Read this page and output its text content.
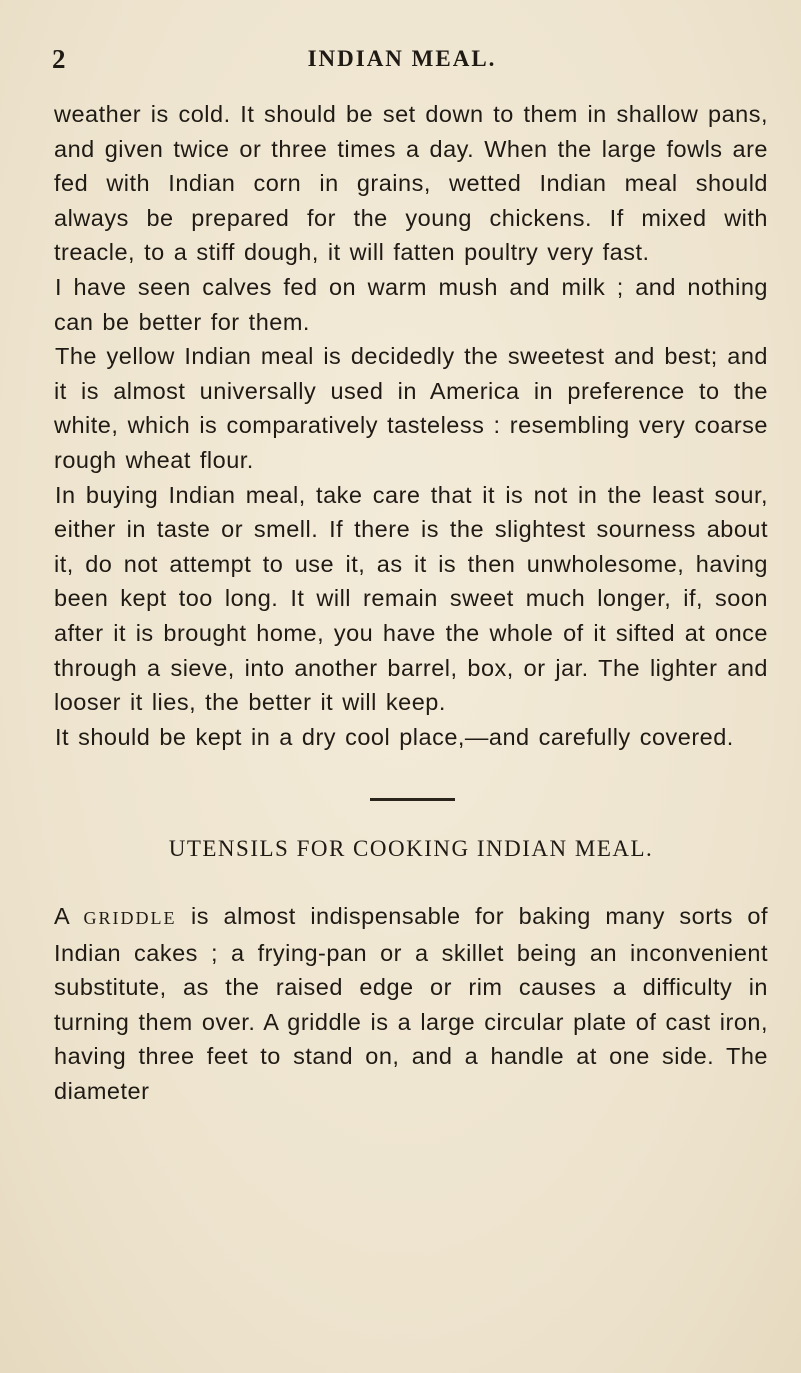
2	INDIAN MEAL.

weather is cold. It should be set down to them in shallow pans, and given twice or three times a day. When the large fowls are fed with Indian corn in grains, wetted Indian meal should always be prepared for the young chickens. If mixed with treacle, to a stiff dough, it will fatten poultry very fast.

I have seen calves fed on warm mush and milk ; and nothing can be better for them.

The yellow Indian meal is decidedly the sweetest and best; and it is almost universally used in America in preference to the white, which is comparatively tasteless : resembling very coarse rough wheat flour.

In buying Indian meal, take care that it is not in the least sour, either in taste or smell. If there is the slightest sourness about it, do not attempt to use it, as it is then unwholesome, having been kept too long. It will remain sweet much longer, if, soon after it is brought home, you have the whole of it sifted at once through a sieve, into another barrel, box, or jar. The lighter and looser it lies, the better it will keep.

It should be kept in a dry cool place,—and carefully covered.

UTENSILS FOR COOKING INDIAN MEAL.
A GRIDDLE is almost indispensable for baking many sorts of Indian cakes ; a frying-pan or a skillet being an inconvenient substitute, as the raised edge or rim causes a difficulty in turning them over. A griddle is a large circular plate of cast iron, having three feet to stand on, and a handle at one side. The diameter
